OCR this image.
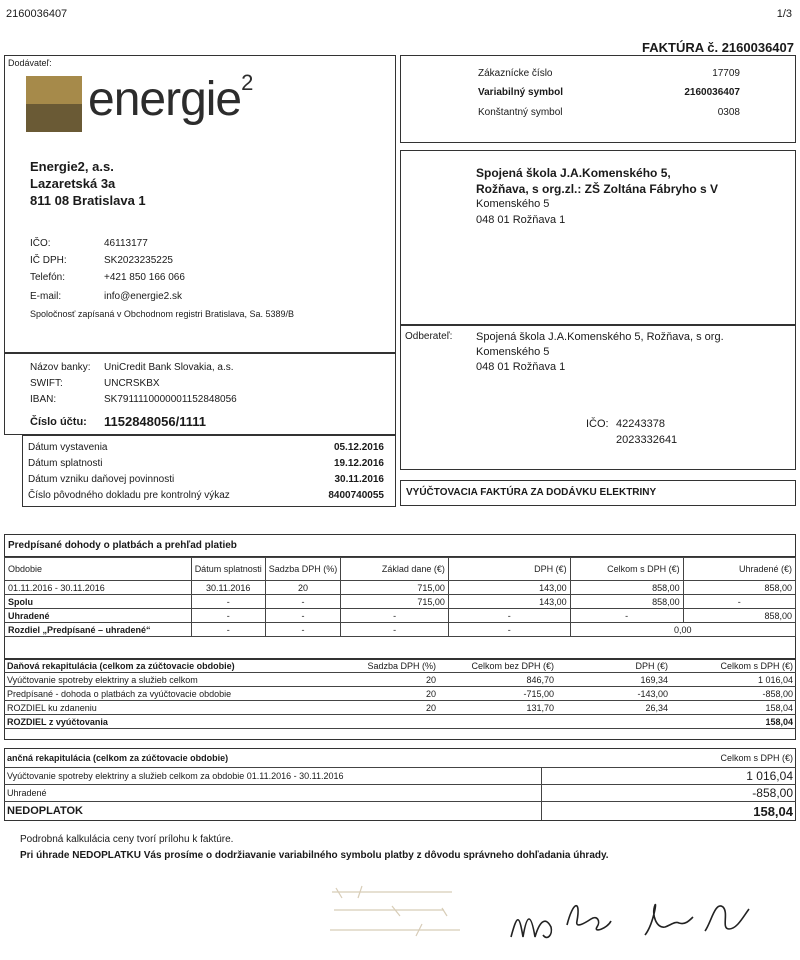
2160036407	1/3
FAKTÚRA č. 2160036407
Dodávateľ:
energie$^2$
Energie2, a.s.
Lazaretská 3a
811 08 Bratislava 1
IČO:	46113177
IČ DPH:	SK2023235225
Telefón:	+421 850 166 066
E-mail:	info@energie2.sk
Spoločnosť zapísaná v Obchodnom registri Bratislava, Sa. 5389/B
Názov banky: UniCredit Bank Slovakia, a.s.
SWIFT:	UNCRSKBX
IBAN:	SK7911110000001152848056
Číslo účtu: 1152848056/1111
Dátum vystavenia	05.12.2016
Dátum splatnosti	19.12.2016
Dátum vzniku daňovej povinnosti	30.11.2016
Číslo pôvodného dokladu pre kontrolný výkaz	8400740055
Zákaznícke číslo	17709
Variabilný symbol	2160036407
Konštantný symbol	0308
Spojená škola J.A.Komenského 5,
Rožňava, s org.zl.: ZŠ Zoltána Fábryho s V
Komenského 5
048 01 Rožňava 1
Odberateľ: Spojená škola J.A.Komenského 5, Rožňava, s org.
Komenského 5
048 01 Rožňava 1
IČO: 42243378
2023332641
VYÚČTOVACIA FAKTÚRA ZA DODÁVKU ELEKTRINY
Predpísané dohody o platbách a prehľad platieb
Obdobie	Dátum splatnosti	Sadzba DPH (%)	Základ dane (€)	DPH (€)	Celkom s DPH (€)	Uhradené (€)
01.11.2016 - 30.11.2016	30.11.2016	20	715,00	143,00	858,00	858,00
Spolu	-	-	715,00	143,00	858,00	-
Uhradené	-	-	-	-	-	858,00
Rozdiel „Predpísané – uhradené“	-	-	-	-	0,00	
Daňová rekapitulácia (celkom za zúčtovacie obdobie)	Sadzba DPH (%)	Celkom bez DPH (€)	DPH (€)	Celkom s DPH (€)
Vyúčtovanie spotreby elektriny a služieb celkom	20	846,70	169,34	1 016,04
Predpísané - dohoda o platbách za vyúčtovacie obdobie	20	-715,00	-143,00	-858,00
ROZDIEL ku zdaneniu	20	131,70	26,34	158,04
ROZDIEL z vyúčtovania				158,04
ančná rekapitulácia (celkom za zúčtovacie obdobie)	Celkom s DPH (€)
Vyúčtovanie spotreby elektriny a služieb celkom za obdobie 01.11.2016 - 30.11.2016	1 016,04
Uhradené	-858,00
NEDOPLATOK	158,04
Podrobná kalkulácia ceny tvorí prílohu k faktúre.
Pri úhrade NEDOPLATKU Vás prosíme o dodržiavanie variabilného symbolu platby z dôvodu správneho dohľadania úhrady.
